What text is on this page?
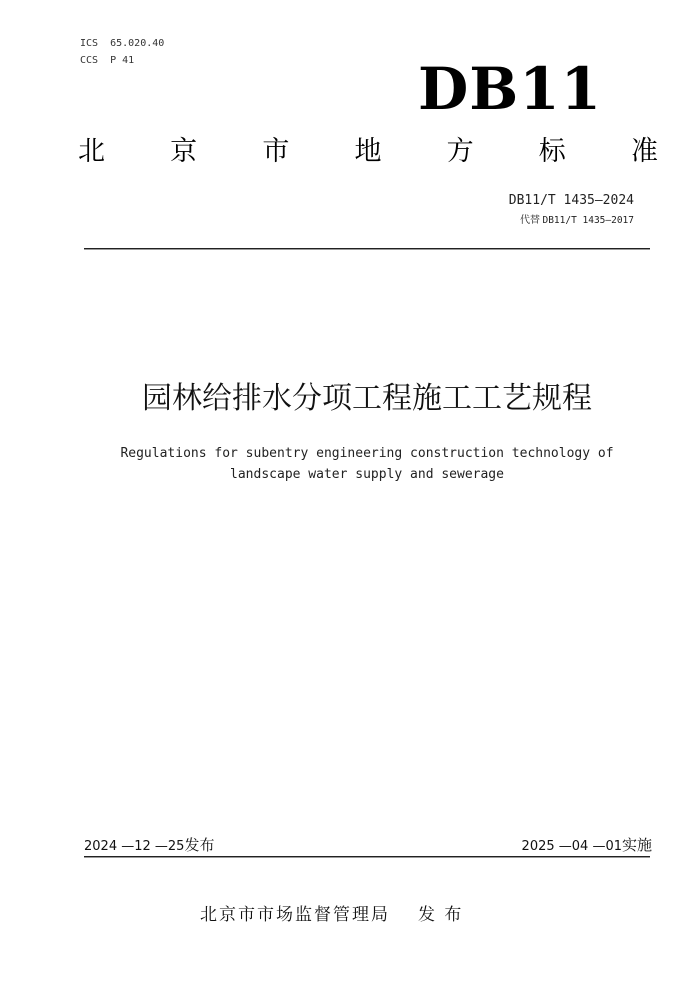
ICS  65.020.40
CCS  P 41	DB11
北 京 市 地 方 标 准
DB11/T 1435—2024
代替 DB11/T 1435—2017
园林给排水分项工程施工工艺规程
Regulations for subentry engineering construction technology of
landscape water supply and sewerage
2024 —12 —25发布	2025 —04 —01实施
北京市市场监督管理局 发 布
